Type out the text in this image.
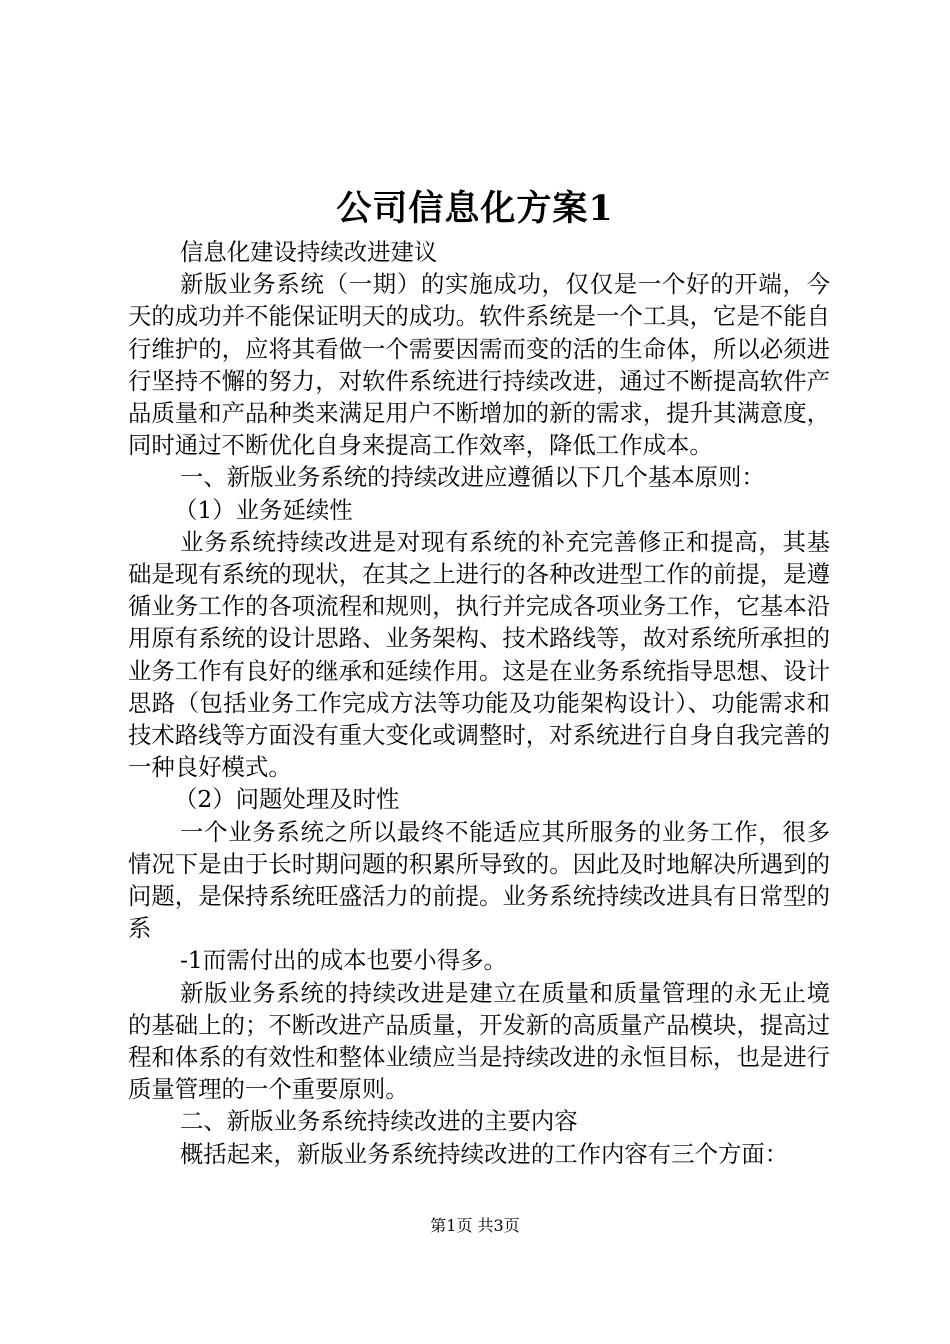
公司信息化方案1

信息化建设持续改进建议

新版业务系统（一期）的实施成功，仅仅是一个好的开端，今天的成功并不能保证明天的成功。软件系统是一个工具，它是不能自行维护的，应将其看做一个需要因需而变的活的生命体，所以必须进行坚持不懈的努力，对软件系统进行持续改进，通过不断提高软件产品质量和产品种类来满足用户不断增加的新的需求，提升其满意度，同时通过不断优化自身来提高工作效率，降低工作成本。

一、新版业务系统的持续改进应遵循以下几个基本原则：

（1）业务延续性

业务系统持续改进是对现有系统的补充完善修正和提高，其基础是现有系统的现状，在其之上进行的各种改进型工作的前提，是遵循业务工作的各项流程和规则，执行并完成各项业务工作，它基本沿用原有系统的设计思路、业务架构、技术路线等，故对系统所承担的业务工作有良好的继承和延续作用。这是在业务系统指导思想、设计思路（包括业务工作完成方法等功能及功能架构设计）、功能需求和技术路线等方面没有重大变化或调整时，对系统进行自身自我完善的一种良好模式。

（2）问题处理及时性

一个业务系统之所以最终不能适应其所服务的业务工作，很多情况下是由于长时期问题的积累所导致的。因此及时地解决所遇到的问题，是保持系统旺盛活力的前提。业务系统持续改进具有日常型的系

-1而需付出的成本也要小得多。

新版业务系统的持续改进是建立在质量和质量管理的永无止境的基础上的；不断改进产品质量，开发新的高质量产品模块，提高过程和体系的有效性和整体业绩应当是持续改进的永恒目标，也是进行质量管理的一个重要原则。

二、新版业务系统持续改进的主要内容

概括起来，新版业务系统持续改进的工作内容有三个方面：

第1页 共3页
